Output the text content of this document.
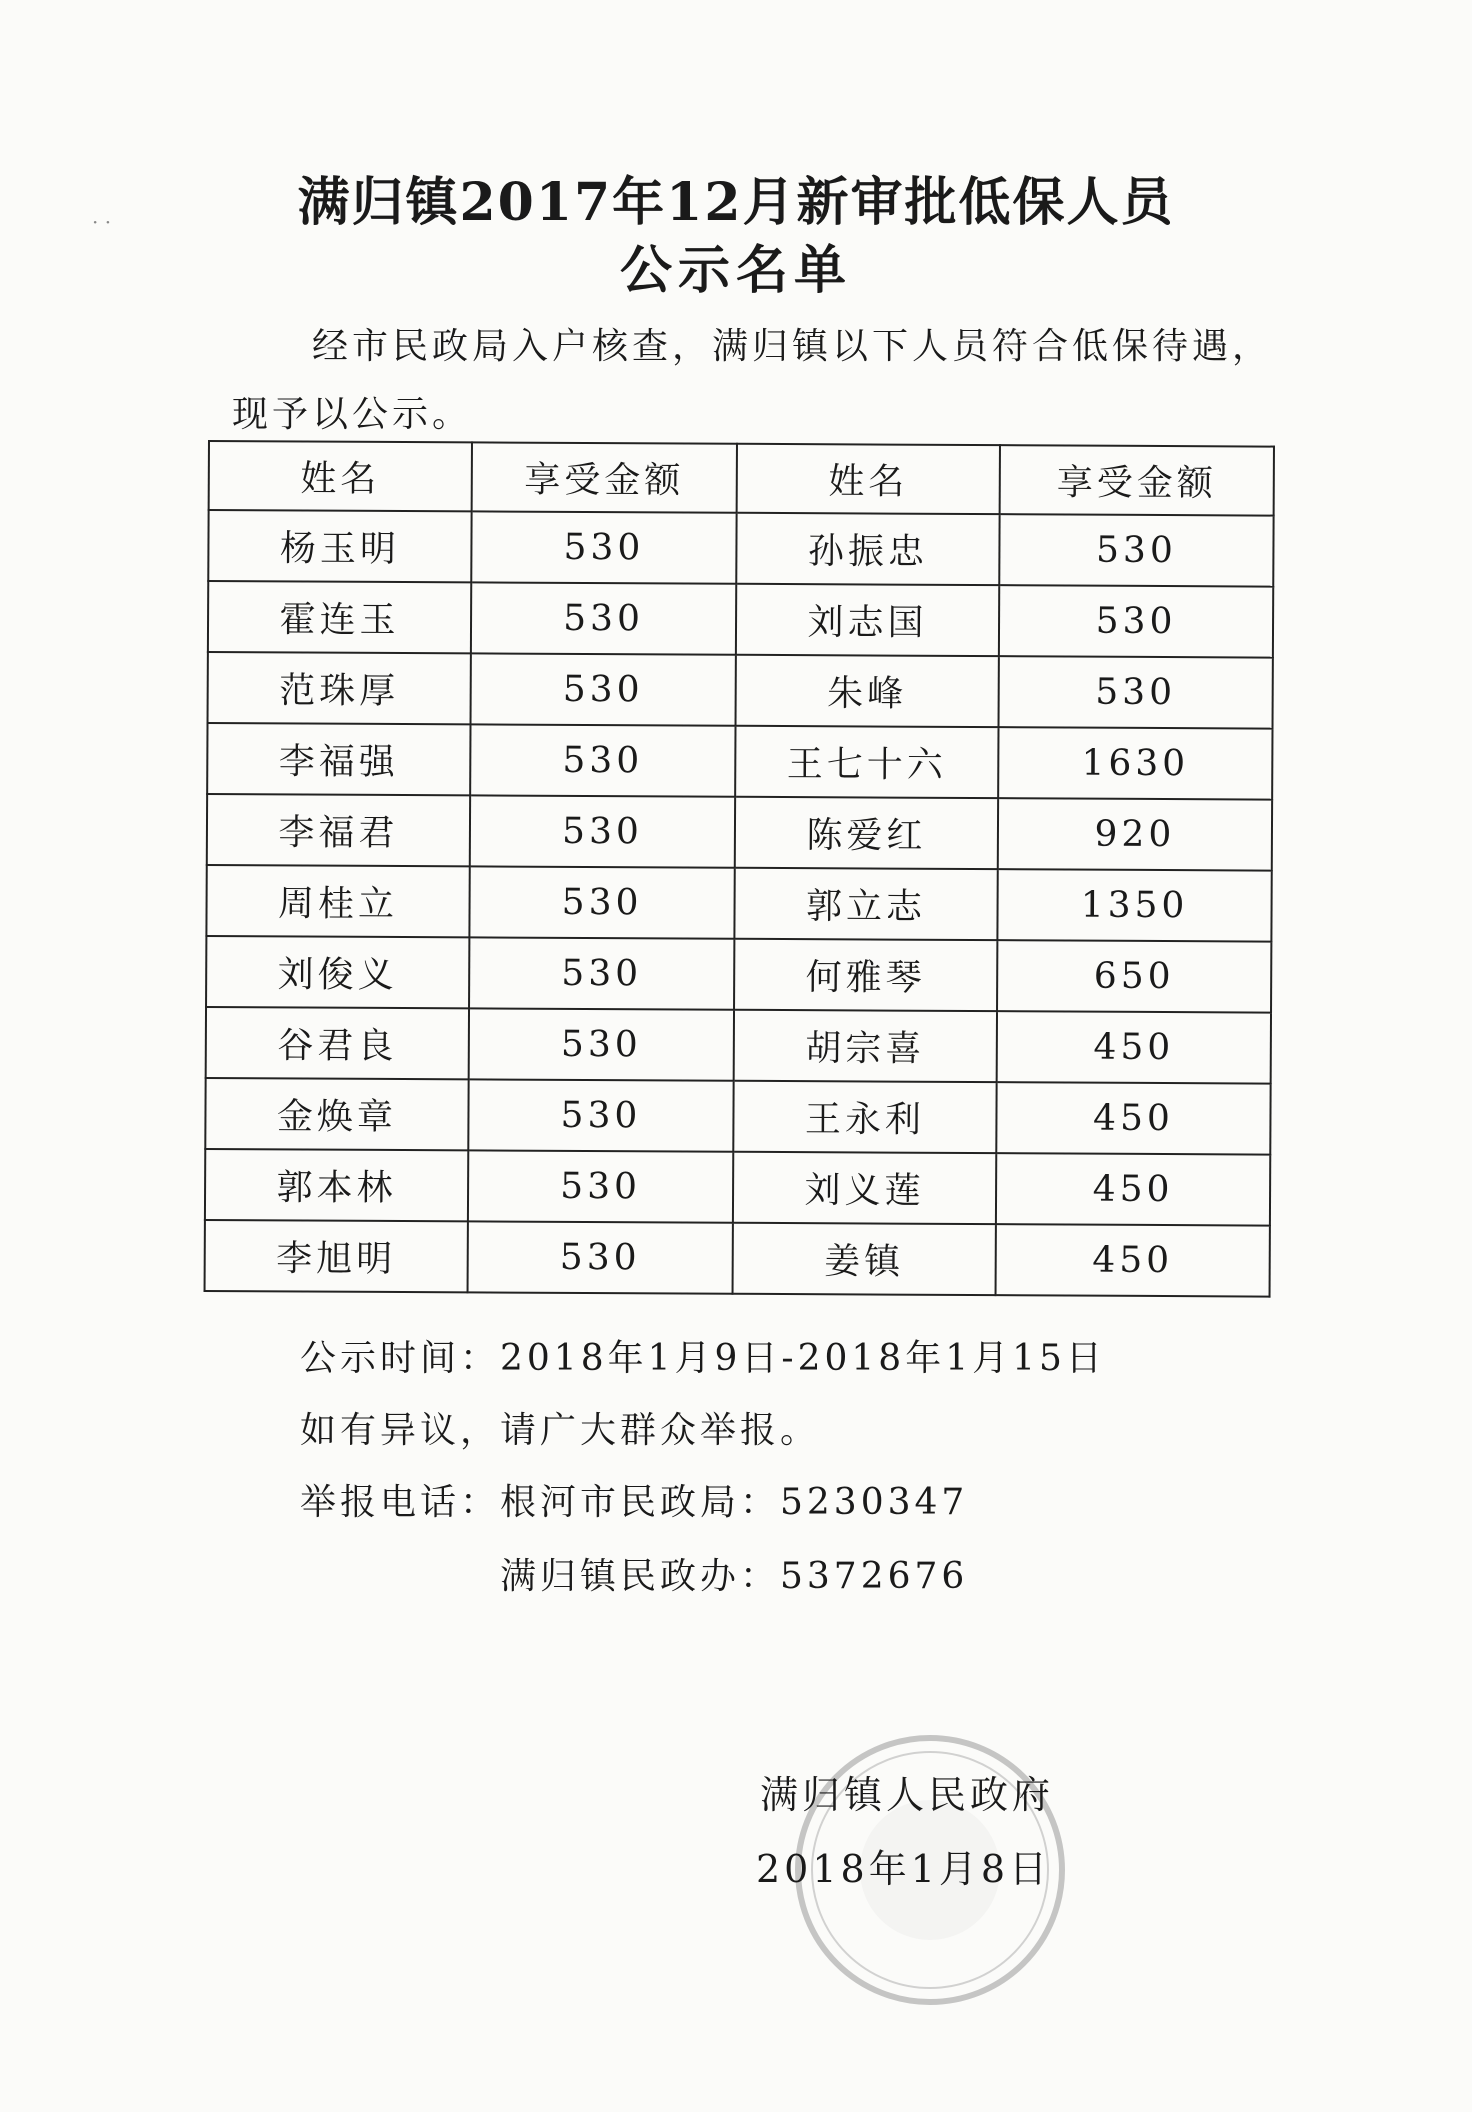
· ·	满归镇2017年12月新审批低保人员
公示名单
经市民政局入户核查，满归镇以下人员符合低保待遇，
现予以公示。
姓名	享受金额	姓名	享受金额
杨玉明	530	孙振忠	530
霍连玉	530	刘志国	530
范珠厚	530	朱峰	530
李福强	530	王七十六	1630
李福君	530	陈爱红	920
周桂立	530	郭立志	1350
刘俊义	530	何雅琴	650
谷君良	530	胡宗喜	450
金焕章	530	王永利	450
郭本林	530	刘义莲	450
李旭明	530	姜镇	450
公示时间：2018年1月9日-2018年1月15日
如有异议，请广大群众举报。
举报电话：根河市民政局：5230347
满归镇民政办：5372676
满归镇人民政府
2018年1月8日
